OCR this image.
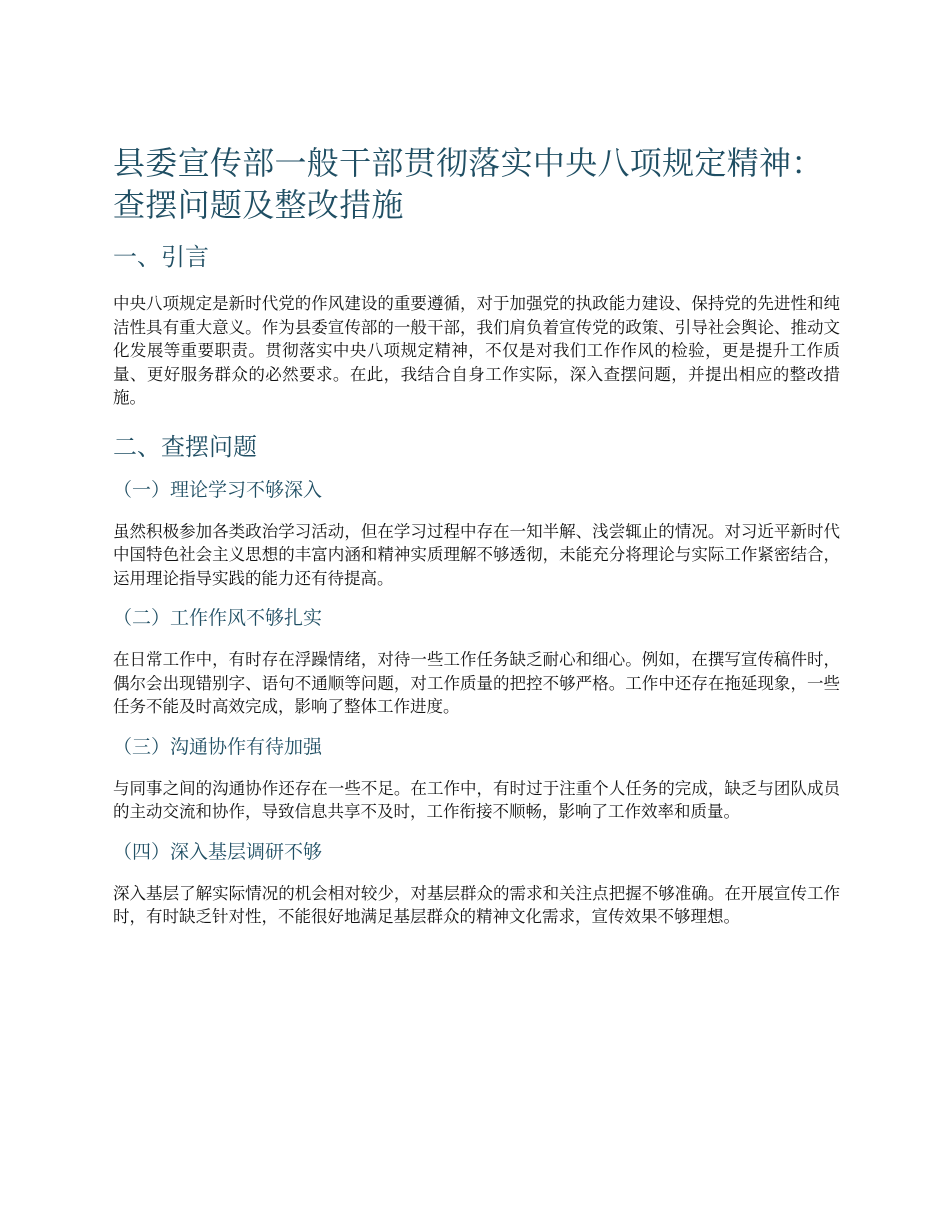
县委宣传部一般干部贯彻落实中央八项规定精神：查摆问题及整改措施
一、引言

中央八项规定是新时代党的作风建设的重要遵循，对于加强党的执政能力建设、保持党的先进性和纯洁性具有重大意义。作为县委宣传部的一般干部，我们肩负着宣传党的政策、引导社会舆论、推动文化发展等重要职责。贯彻落实中央八项规定精神，不仅是对我们工作作风的检验，更是提升工作质量、更好服务群众的必然要求。在此，我结合自身工作实际，深入查摆问题，并提出相应的整改措施。

二、查摆问题
（一）理论学习不够深入

虽然积极参加各类政治学习活动，但在学习过程中存在一知半解、浅尝辄止的情况。对习近平新时代中国特色社会主义思想的丰富内涵和精神实质理解不够透彻，未能充分将理论与实际工作紧密结合，运用理论指导实践的能力还有待提高。

（二）工作作风不够扎实

在日常工作中，有时存在浮躁情绪，对待一些工作任务缺乏耐心和细心。例如，在撰写宣传稿件时，偶尔会出现错别字、语句不通顺等问题，对工作质量的把控不够严格。工作中还存在拖延现象，一些任务不能及时高效完成，影响了整体工作进度。

（三）沟通协作有待加强

与同事之间的沟通协作还存在一些不足。在工作中，有时过于注重个人任务的完成，缺乏与团队成员的主动交流和协作，导致信息共享不及时，工作衔接不顺畅，影响了工作效率和质量。

（四）深入基层调研不够

深入基层了解实际情况的机会相对较少，对基层群众的需求和关注点把握不够准确。在开展宣传工作时，有时缺乏针对性，不能很好地满足基层群众的精神文化需求，宣传效果不够理想。
